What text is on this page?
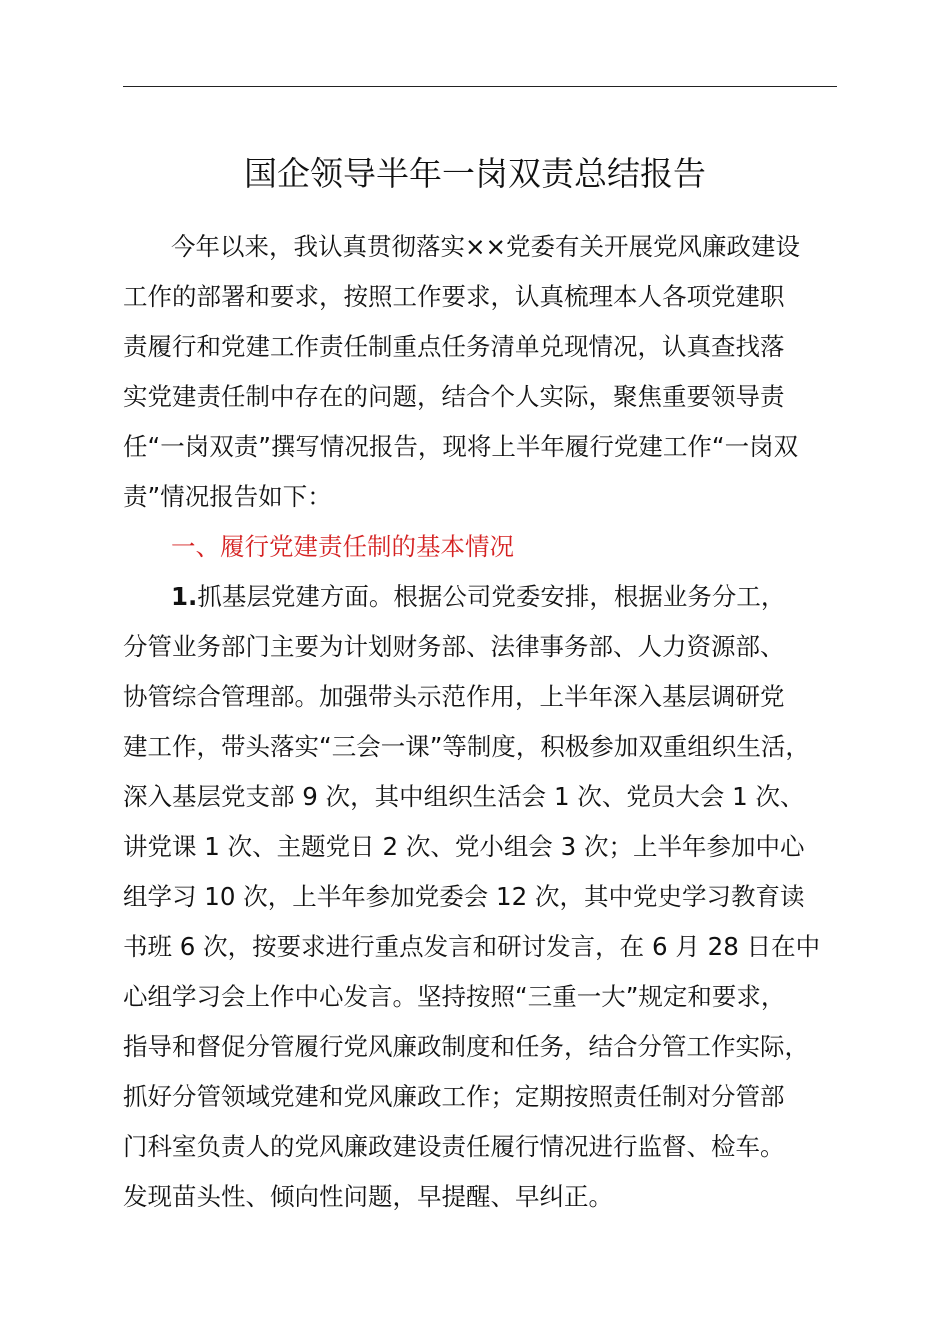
国企领导半年一岗双责总结报告
今年以来，我认真贯彻落实××党委有关开展党风廉政建设
工作的部署和要求，按照工作要求，认真梳理本人各项党建职
责履行和党建工作责任制重点任务清单兑现情况，认真查找落
实党建责任制中存在的问题，结合个人实际，聚焦重要领导责
任“一岗双责”撰写情况报告，现将上半年履行党建工作“一岗双
责”情况报告如下：
一、履行党建责任制的基本情况
1.抓基层党建方面。根据公司党委安排，根据业务分工，
分管业务部门主要为计划财务部、法律事务部、人力资源部、
协管综合管理部。加强带头示范作用，上半年深入基层调研党
建工作，带头落实“三会一课”等制度，积极参加双重组织生活，
深入基层党支部 9 次，其中组织生活会 1 次、党员大会 1 次、
讲党课 1 次、主题党日 2 次、党小组会 3 次；上半年参加中心
组学习 10 次，上半年参加党委会 12 次，其中党史学习教育读
书班 6 次，按要求进行重点发言和研讨发言，在 6 月 28 日在中
心组学习会上作中心发言。坚持按照“三重一大”规定和要求，
指导和督促分管履行党风廉政制度和任务，结合分管工作实际，
抓好分管领域党建和党风廉政工作；定期按照责任制对分管部
门科室负责人的党风廉政建设责任履行情况进行监督、检车。
发现苗头性、倾向性问题，早提醒、早纠正。
